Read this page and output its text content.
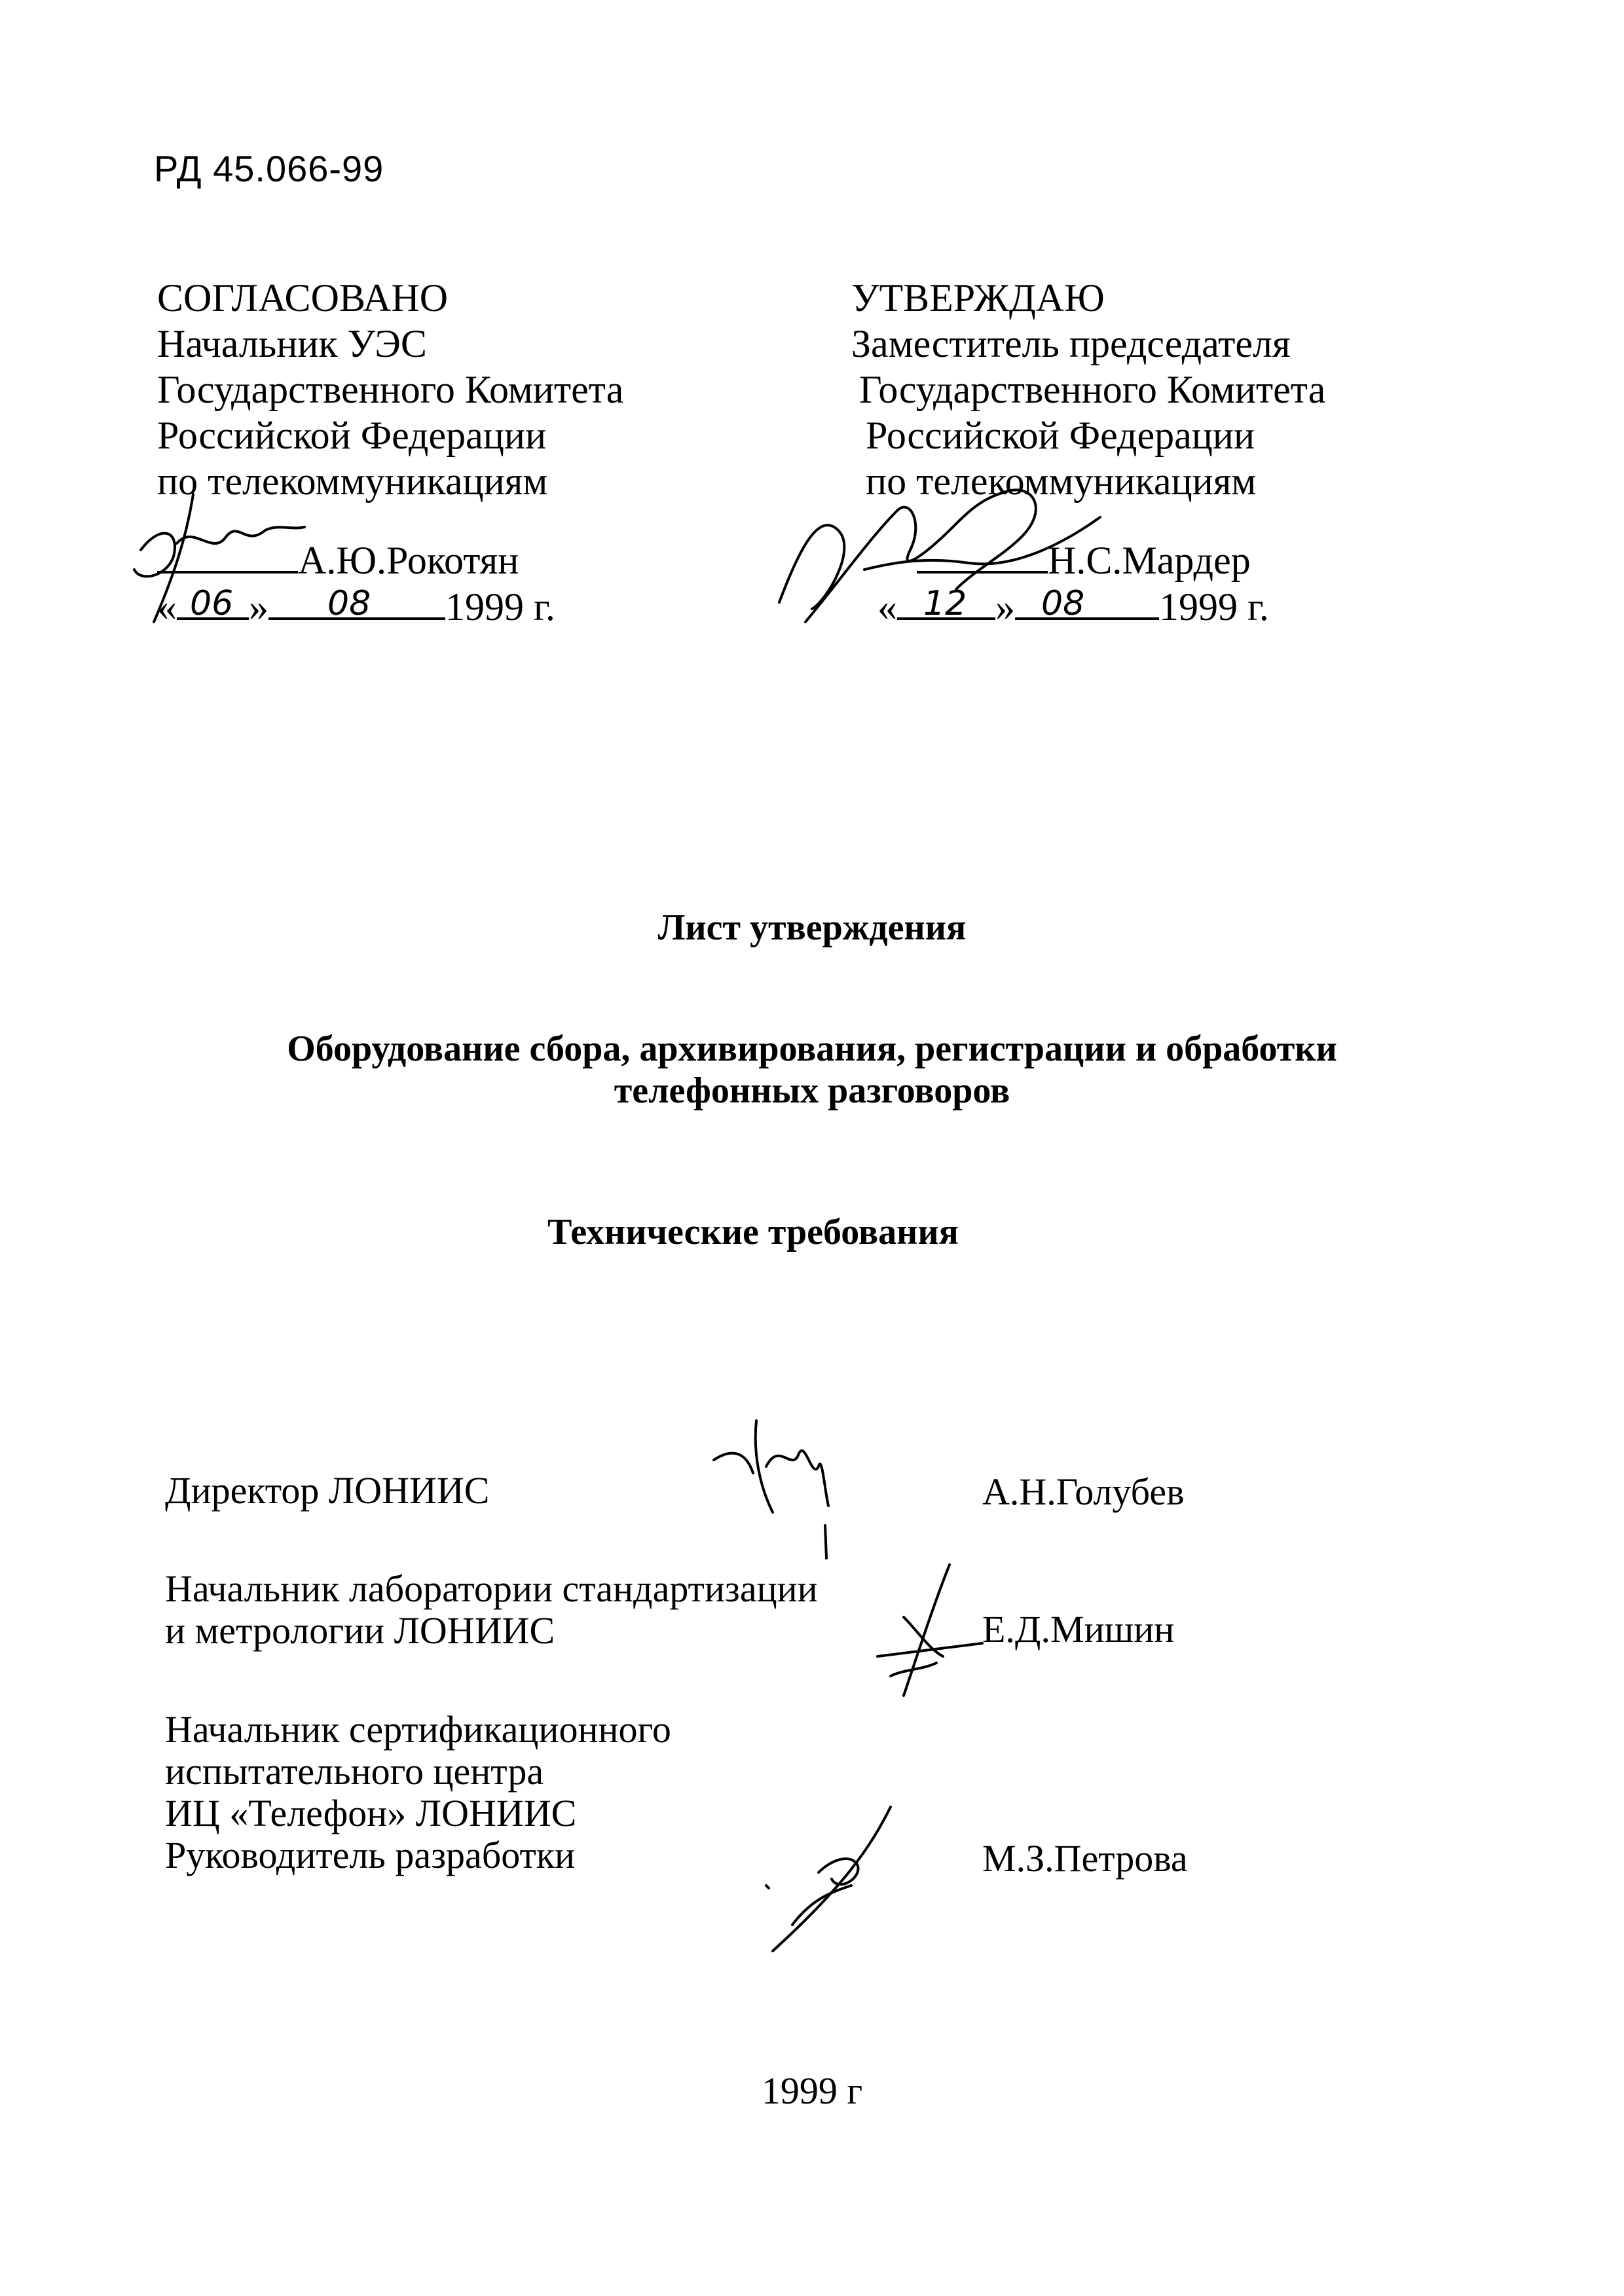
РД 45.066-99
СОГЛАСОВАНО
Начальник УЭС
Государственного Комитета
Российской Федерации
по телекоммуникациям
А.Ю.Рокотян
« 06 » 08 1999 г.
УТВЕРЖДАЮ
Заместитель председателя
Государственного Комитета
Российской Федерации
по телекоммуникациям
Н.С.Мардер
« 12 » 08 1999 г.
Лист утверждения
Оборудование сбора, архивирования, регистрации и обработки
телефонных разговоров
Технические требования
Директор ЛОНИИС	А.Н.Голубев
Начальник лаборатории стандартизации
и метрологии ЛОНИИС	Е.Д.Мишин
Начальник сертификационного
испытательного центра
ИЦ «Телефон» ЛОНИИС
Руководитель разработки	М.З.Петрова
1999 г
